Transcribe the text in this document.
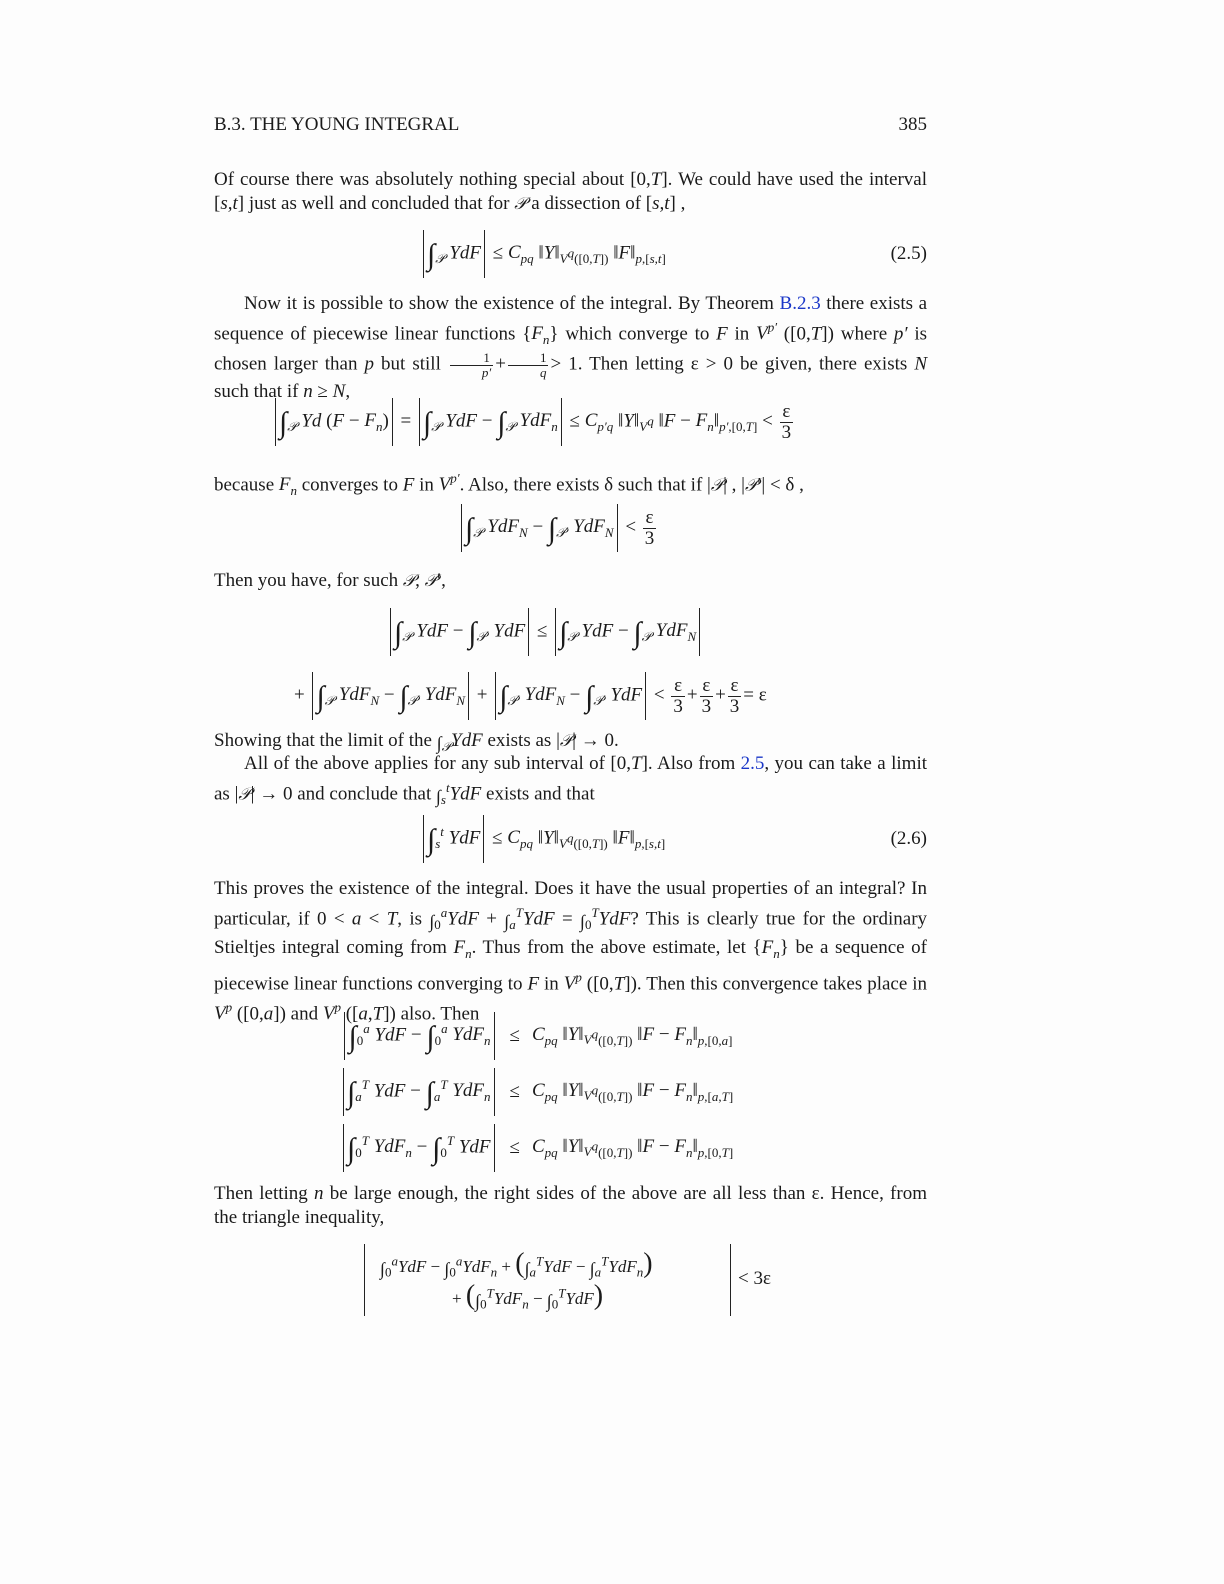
B.3. THE YOUNG INTEGRAL	385
Of course there was absolutely nothing special about [0,T]. We could have used the interval [s,t] just as well and concluded that for 𝒫 a dissection of [s,t] ,
$\int_𝒫$ YdF ≤ $C_{pq}$ $‖Y‖_{V^q([0,T])}$ $‖F‖_{p,[s,t]}$	(2.5)
Now it is possible to show the existence of the integral. By Theorem B.2.3 there exists a sequence of piecewise linear functions $\{F_n\}$ which converge to F in $V^{p'}$ ([0,T]) where p′ is chosen larger than p but still $\frac{1}{p'} + \frac{1}{q} > 1$. Then letting ε > 0 be given, there exists N such that if n ≥ N,
$\int_𝒫$ Yd $(F - F_n) = \int_𝒫$ YdF − $\int_𝒫$ $YdF_n \le C_{p'q}$ $‖Y‖_{V^q}$ ‖F − $F_n‖_{p',[0,T]} < \frac{\varepsilon}{3}$
because $F_n$ converges to F in $V^{p'}$. Also, there exists δ such that if |𝒫| , |𝒫′| < δ ,
$\int_𝒫$ $YdF_N - \int_{𝒫'}$ $YdF_N < \frac{\varepsilon}{3}$
Then you have, for such 𝒫, 𝒫′,
$\int_𝒫$ YdF − $\int_{𝒫'}$ YdF ≤ $\int_𝒫$ YdF − $\int_𝒫$ YdF$_N$
+ $\int_𝒫$ $YdF_N - \int_{𝒫'}$ $YdF_N + \int_{𝒫'}$ $YdF_N - \int_{𝒫'}$ YdF < $\frac{\varepsilon}{3} + \frac{\varepsilon}{3} + \frac{\varepsilon}{3} = \varepsilon$
Showing that the limit of the $\int_𝒫YdF$ exists as |𝒫| → 0.
All of the above applies for any sub interval of [0,T]. Also from 2.5, you can take a limit as |𝒫| → 0 and conclude that $\int_s^tYdF$ exists and that
$\int_s^t$ YdF ≤ $C_{pq}$ $‖Y‖_{V^q([0,T])}$ $‖F‖_{p,[s,t]}$	(2.6)
This proves the existence of the integral. Does it have the usual properties of an integral? In particular, if 0 < a < T, is $\int_0^aYdF + \int_a^TYdF = \int_0^TYdF$? This is clearly true for the ordinary Stieltjes integral coming from $F_n$. Thus from the above estimate, let $\{F_n\}$ be a sequence of piecewise linear functions converging to F in $V^p$ ([0,T]). Then this convergence takes place in $V^p$ ([0,a]) and $V^p$ ([a,T]) also. Then
$\int_0^a$ YdF − $\int_0^a$ YdF$_n$	≤	$C_{pq}$ $‖Y‖_{V^q([0,T])}$ ‖F − $F_n‖_{p,[0,a]}$
$\int_a^T$ YdF − $\int_a^T$ YdF$_n$	≤	$C_{pq}$ $‖Y‖_{V^q([0,T])}$ ‖F − $F_n‖_{p,[a,T]}$
$\int_0^T$ $YdF_n - \int_0^T$ YdF	≤	$C_{pq}$ $‖Y‖_{V^q([0,T])}$ ‖F − $F_n‖_{p,[0,T]}$
Then letting n be large enough, the right sides of the above are all less than ε. Hence, from the triangle inequality,
$\int_0^aYdF - \int_0^aYdF_n + (\int_a^TYdF - \int_a^TYdF_n)$
+ $(\int_0^TYdF_n - \int_0^TYdF)$
< 3ε
